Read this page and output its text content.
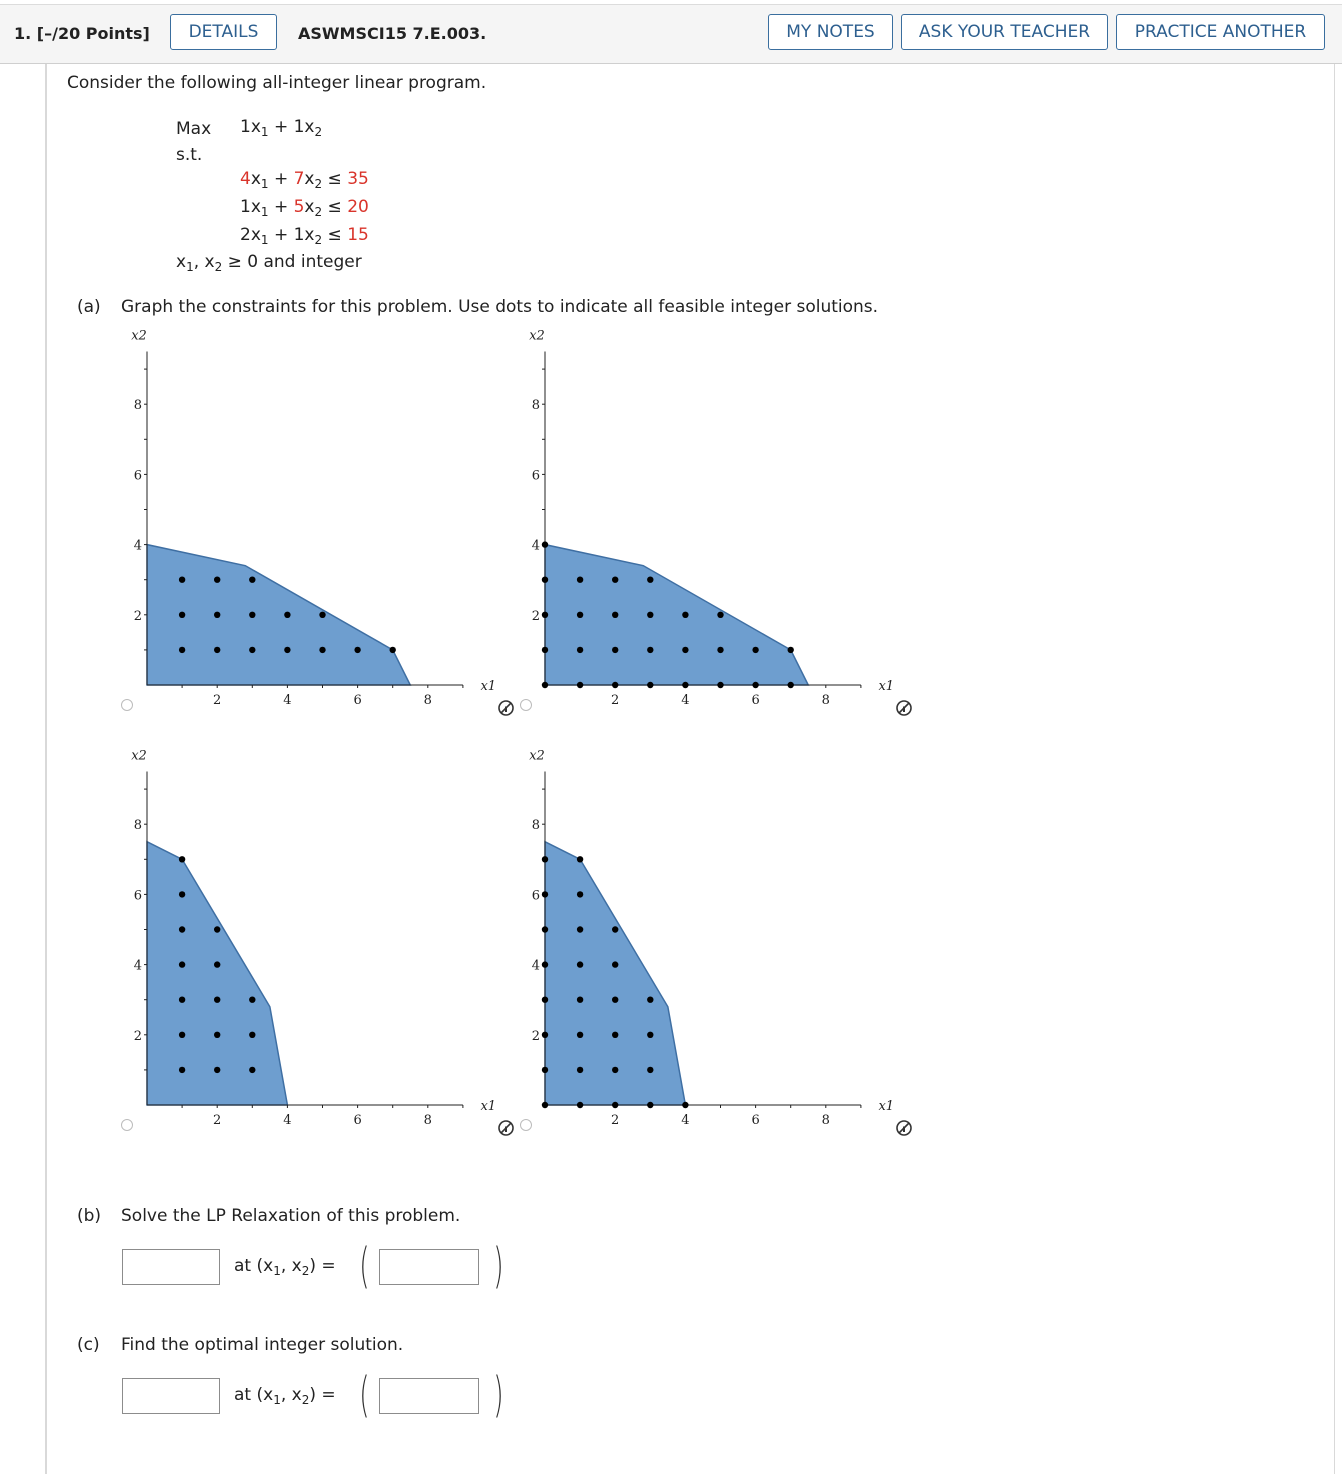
1. [–/20 Points]	DETAILS	ASWMSCI15 7.E.003.	MY NOTES	ASK YOUR TEACHER	PRACTICE ANOTHER
Consider the following all-integer linear program.
Max $1x_1 + 1x_2$
s.t.
$4x_1 + 7x_2 \le 35$
$1x_1 + 5x_2 \le 20$
$2x_1 + 1x_2 \le 15$
$x_1$, $x_2 \ge 0$ and integer
(a) Graph the constraints for this problem. Use dots to indicate all feasible integer solutions.
2	4	6	8
2
4
6
8
x1
x2
2	4	6	8
2
4
6
8
x1
x2
2	4	6	8
2
4
6
8
x1
x2
2	4	6	8
2
4
6
8
x1
x2
(b) Solve the LP Relaxation of this problem.
at ($x_1$, $x_2$) = (	)
(c) Find the optimal integer solution.
at ($x_1$, $x_2$) = (	)
